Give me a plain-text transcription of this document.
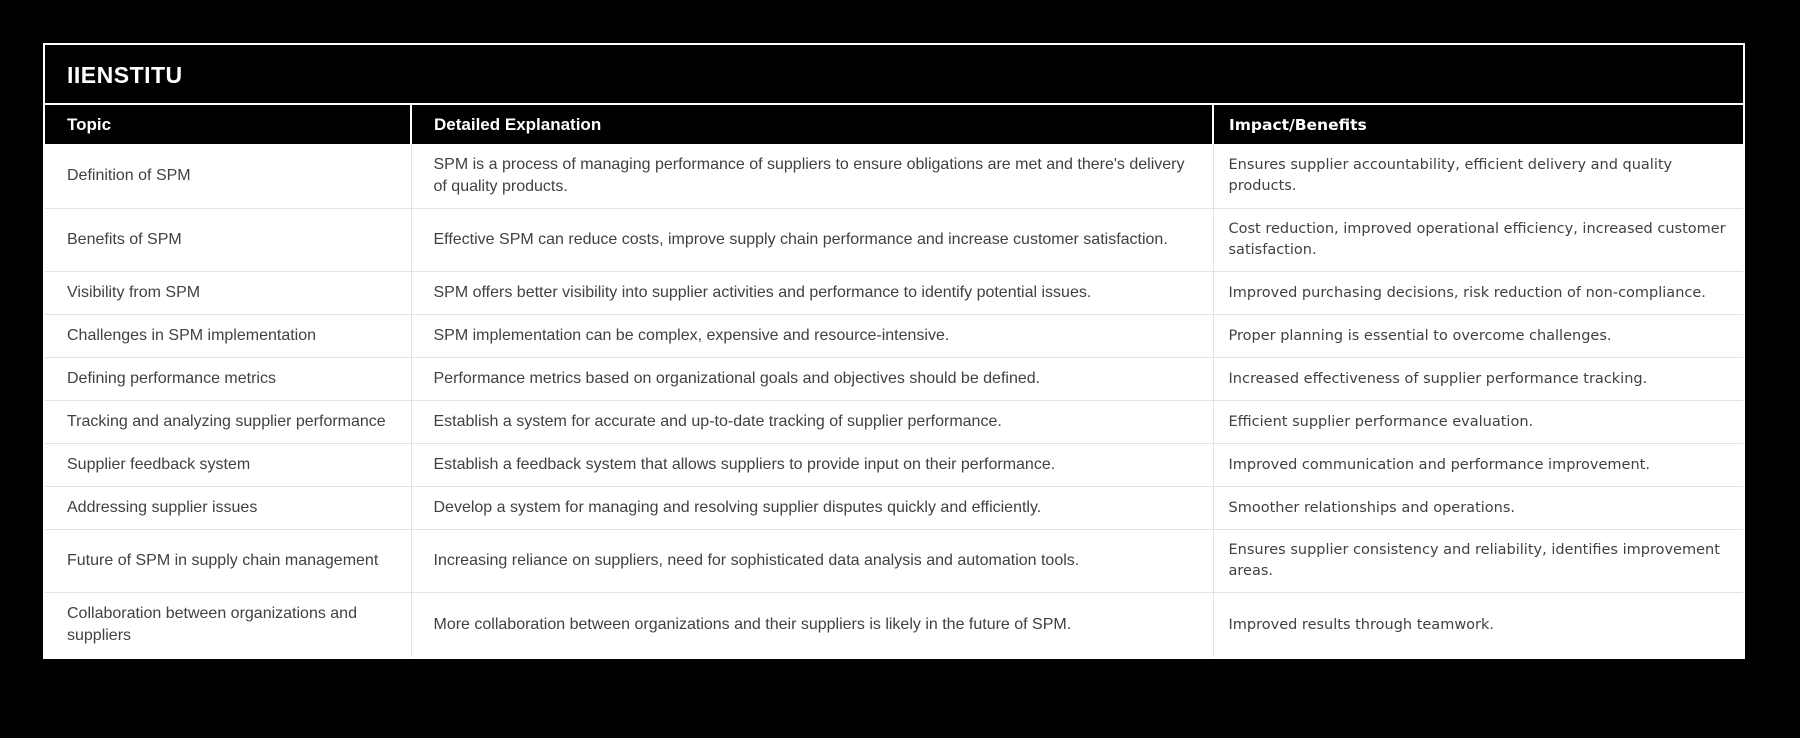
IIENSTITU
Topic	Detailed Explanation	Impact/Benefits
Definition of SPM	SPM is a process of managing performance of suppliers to ensure obligations are met and there's delivery of quality products.	Ensures supplier accountability, efficient delivery and quality products.
Benefits of SPM	Effective SPM can reduce costs, improve supply chain performance and increase customer satisfaction.	Cost reduction, improved operational efficiency, increased customer satisfaction.
Visibility from SPM	SPM offers better visibility into supplier activities and performance to identify potential issues.	Improved purchasing decisions, risk reduction of non-compliance.
Challenges in SPM implementation	SPM implementation can be complex, expensive and resource-intensive.	Proper planning is essential to overcome challenges.
Defining performance metrics	Performance metrics based on organizational goals and objectives should be defined.	Increased effectiveness of supplier performance tracking.
Tracking and analyzing supplier performance	Establish a system for accurate and up-to-date tracking of supplier performance.	Efficient supplier performance evaluation.
Supplier feedback system	Establish a feedback system that allows suppliers to provide input on their performance.	Improved communication and performance improvement.
Addressing supplier issues	Develop a system for managing and resolving supplier disputes quickly and efficiently.	Smoother relationships and operations.
Future of SPM in supply chain management	Increasing reliance on suppliers, need for sophisticated data analysis and automation tools.	Ensures supplier consistency and reliability, identifies improvement areas.
Collaboration between organizations and suppliers	More collaboration between organizations and their suppliers is likely in the future of SPM.	Improved results through teamwork.
